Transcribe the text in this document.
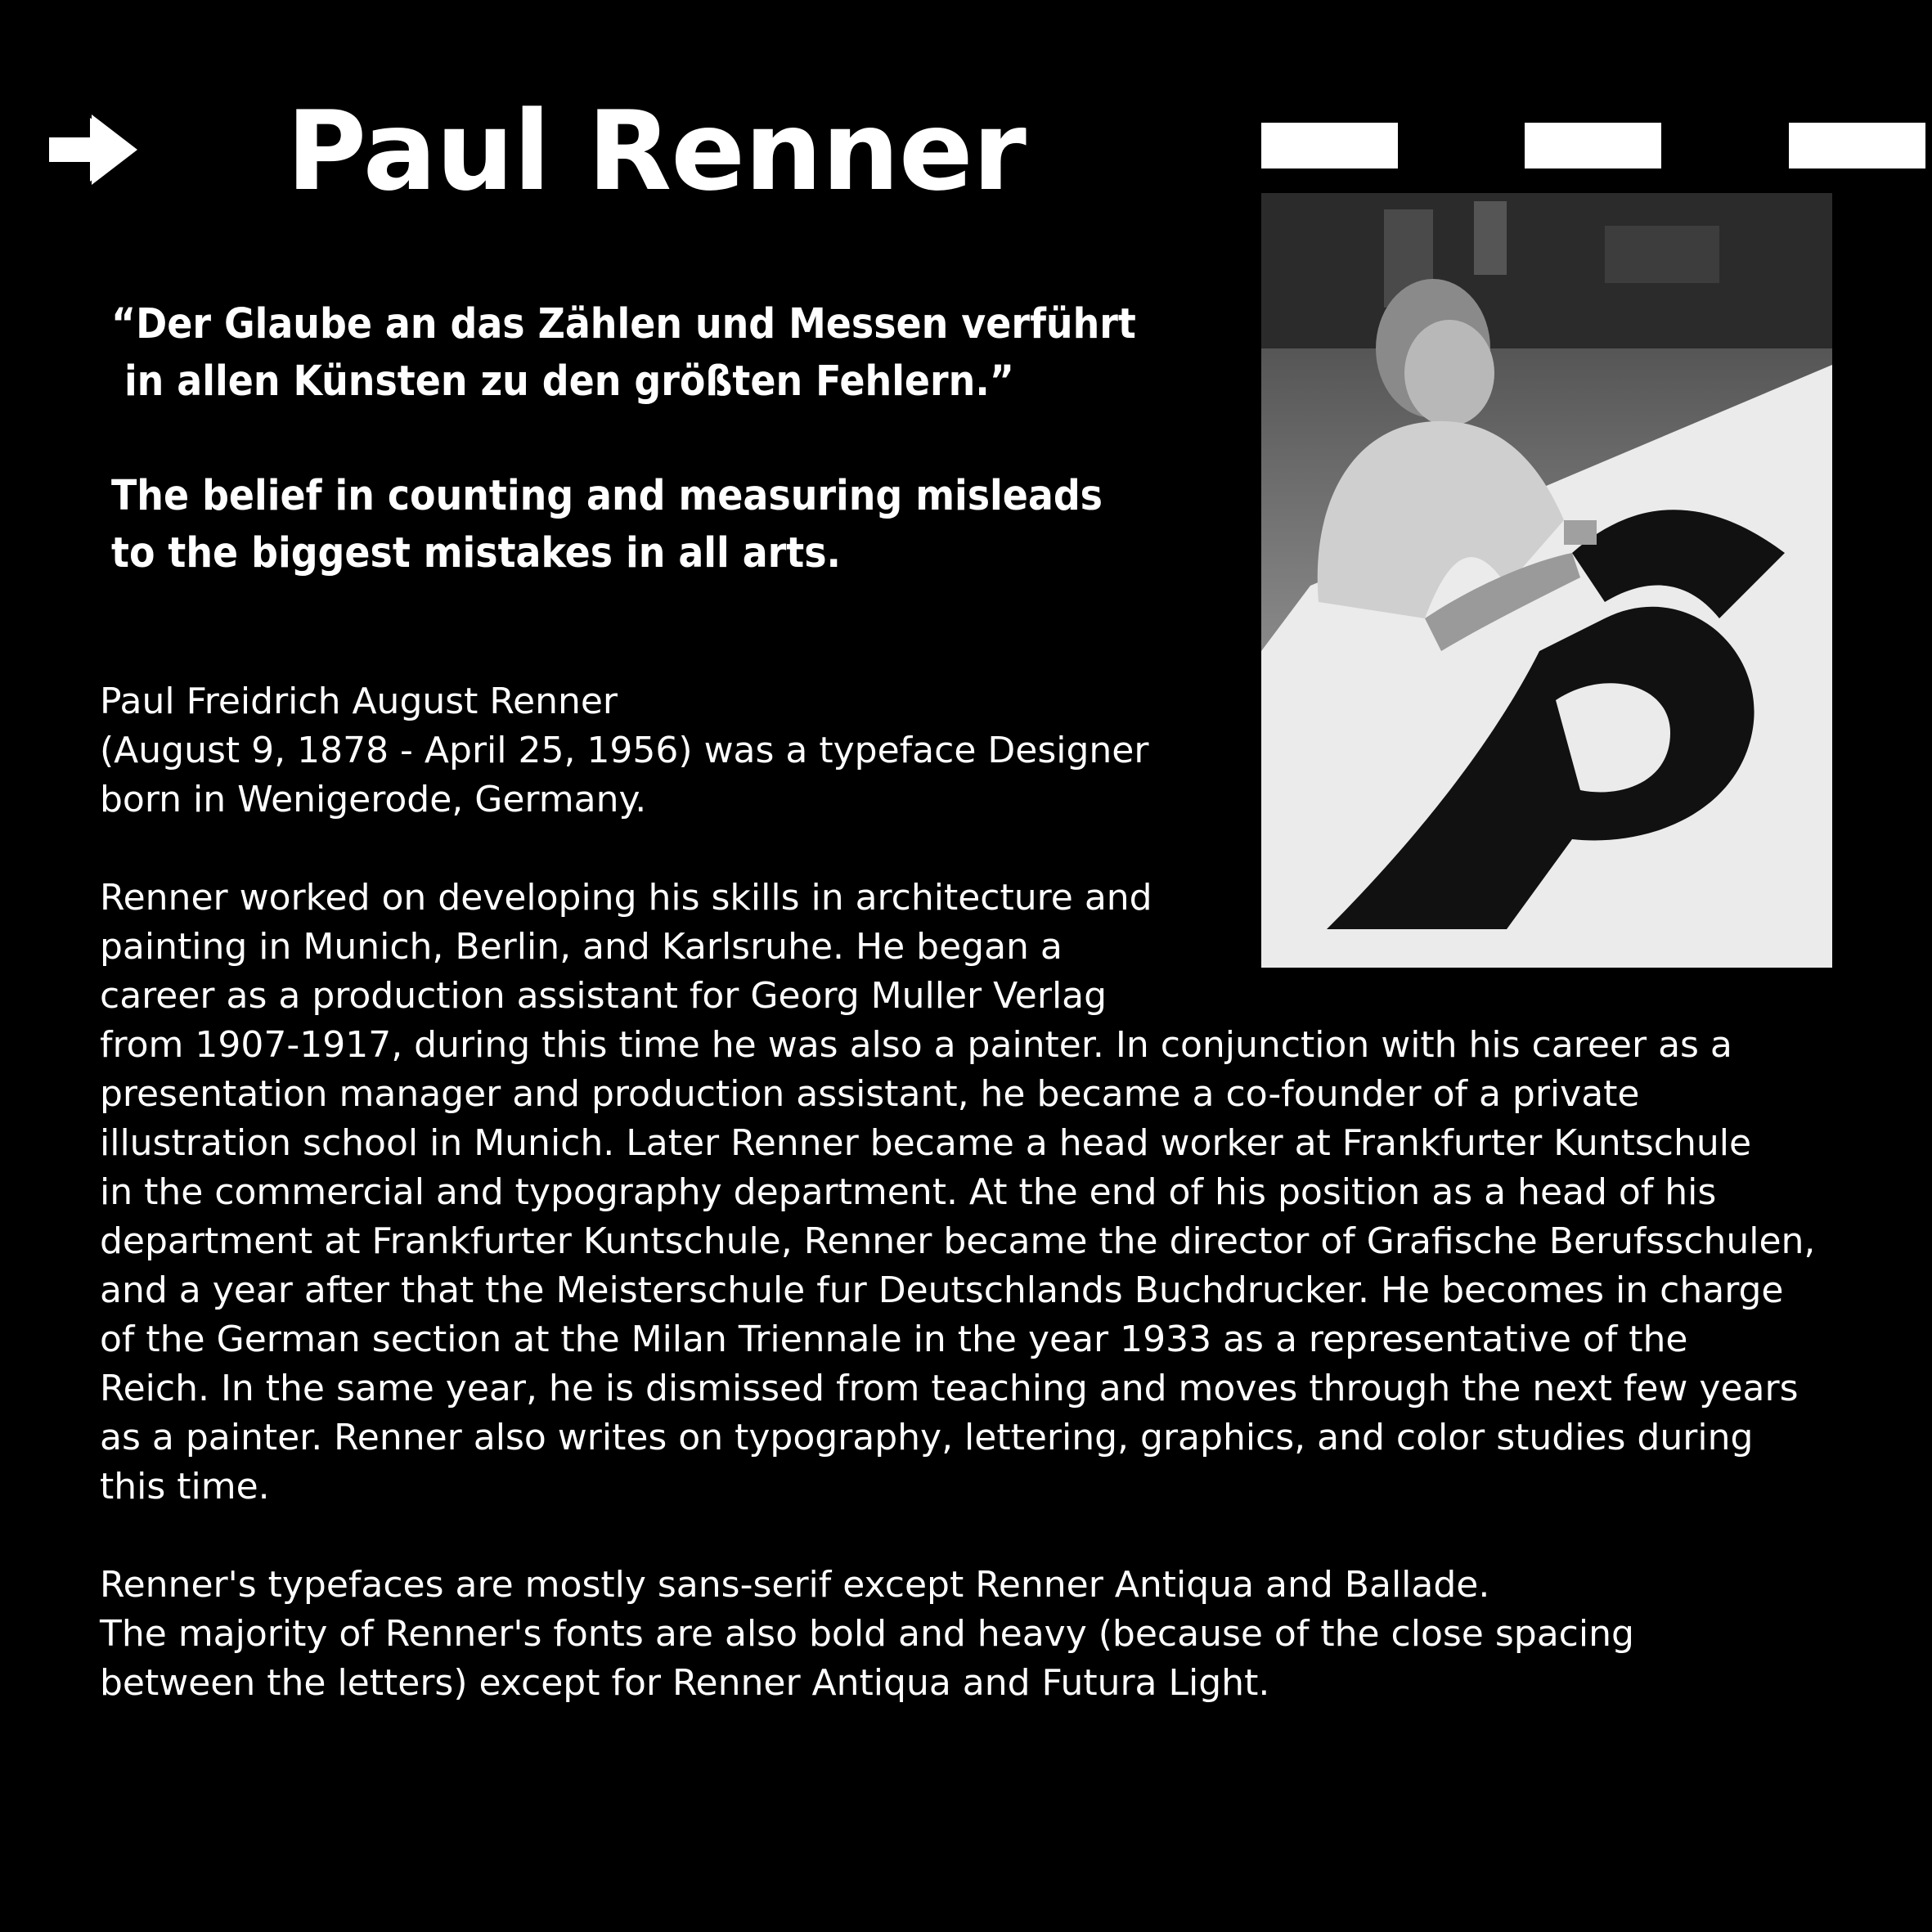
Paul Renner

“Der Glaube an das Zählen und Messen verführt
in allen Künsten zu den größten Fehlern.”

The belief in counting and measuring misleads
to the biggest mistakes in all arts.

Paul Freidrich August Renner
(August 9, 1878 - April 25, 1956) was a typeface Designer
born in Wenigerode, Germany.

Renner worked on developing his skills in architecture and
painting in Munich, Berlin, and Karlsruhe. He began a
career as a production assistant for Georg Muller Verlag
from 1907-1917, during this time he was also a painter. In conjunction with his career as a
presentation manager and production assistant, he became a co-founder of a private
illustration school in Munich. Later Renner became a head worker at Frankfurter Kuntschule
in the commercial and typography department. At the end of his position as a head of his
department at Frankfurter Kuntschule, Renner became the director of Grafische Berufsschulen,
and a year after that the Meisterschule fur Deutschlands Buchdrucker. He becomes in charge
of the German section at the Milan Triennale in the year 1933 as a representative of the
Reich. In the same year, he is dismissed from teaching and moves through the next few years
as a painter. Renner also writes on typography, lettering, graphics, and color studies during
this time.

Renner's typefaces are mostly sans-serif except Renner Antiqua and Ballade.
The majority of Renner's fonts are also bold and heavy (because of the close spacing
between the letters) except for Renner Antiqua and Futura Light.
